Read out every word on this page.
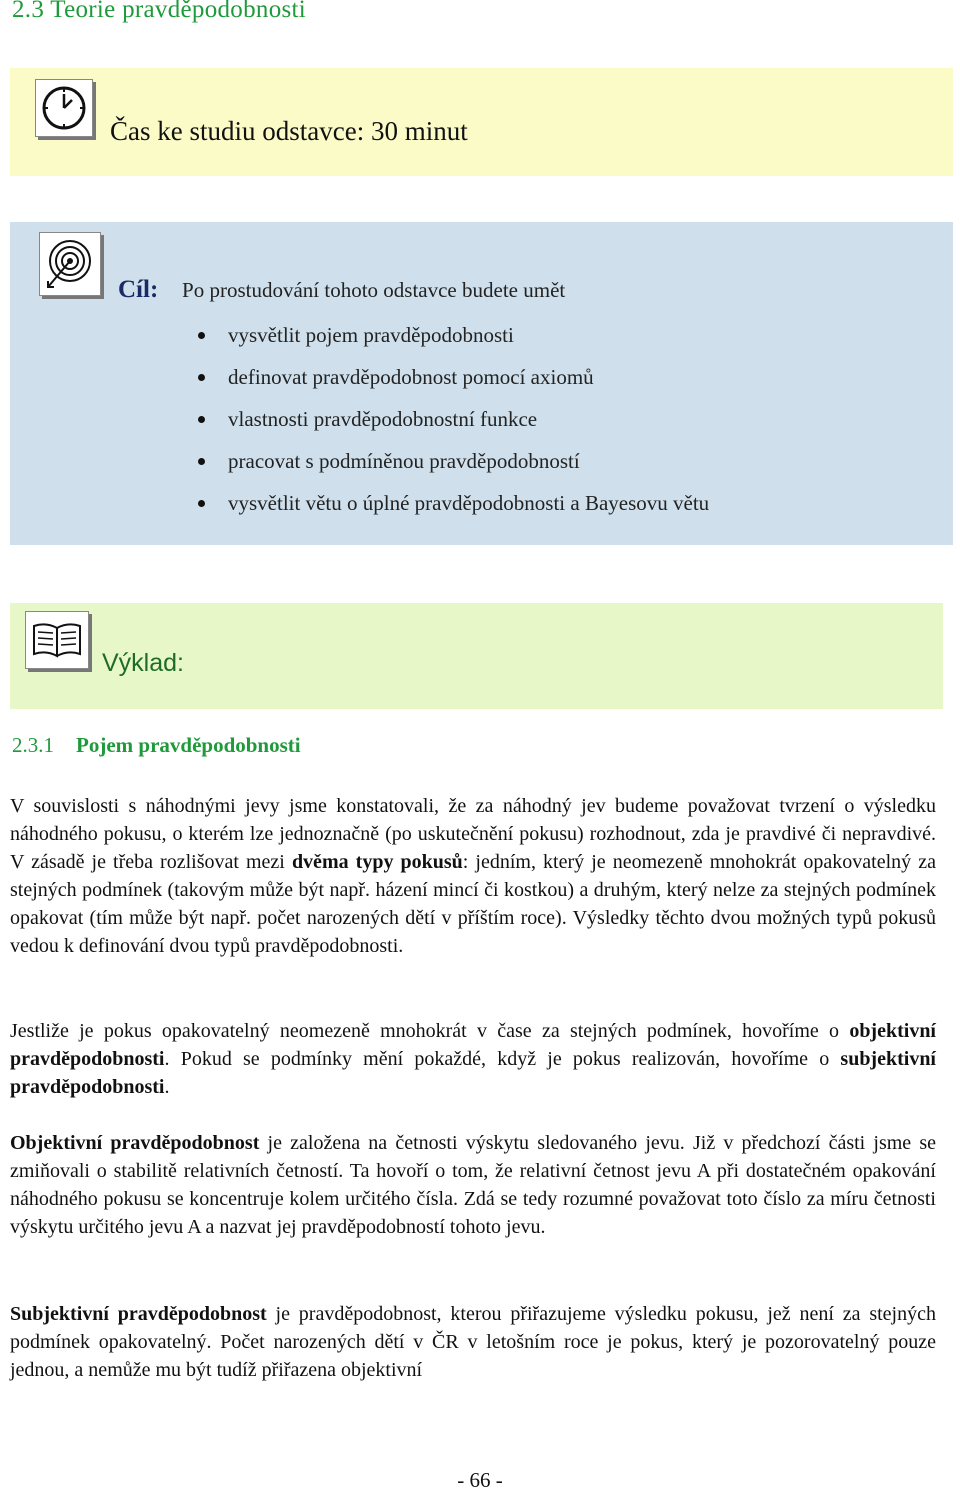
2.3 Teorie pravděpodobnosti
Čas ke studiu odstavce: 30 minut
Cíl: Po prostudování tohoto odstavce budete umět
vysvětlit pojem pravděpodobnosti
definovat pravděpodobnost pomocí axiomů
vlastnosti pravděpodobnostní funkce
pracovat s podmíněnou pravděpodobností
vysvětlit větu o úplné pravděpodobnosti a Bayesovu větu
Výklad:
2.3.1 Pojem pravděpodobnosti

V souvislosti s náhodnými jevy jsme konstatovali, že za náhodný jev budeme považovat tvrzení o výsledku náhodného pokusu, o kterém lze jednoznačně (po uskutečnění pokusu) rozhodnout, zda je pravdivé či nepravdivé. V zásadě je třeba rozlišovat mezi dvěma typy pokusů: jedním, který je neomezeně mnohokrát opakovatelný za stejných podmínek (takovým může být např. házení mincí či kostkou) a druhým, který nelze za stejných podmínek opakovat (tím může být např. počet narozených dětí v příštím roce). Výsledky těchto dvou možných typů pokusů vedou k definování dvou typů pravděpodobnosti.

Jestliže je pokus opakovatelný neomezeně mnohokrát v čase za stejných podmínek, hovoříme o objektivní pravděpodobnosti. Pokud se podmínky mění pokaždé, když je pokus realizován, hovoříme o subjektivní pravděpodobnosti.

Objektivní pravděpodobnost je založena na četnosti výskytu sledovaného jevu. Již v předchozí části jsme se zmiňovali o stabilitě relativních četností. Ta hovoří o tom, že relativní četnost jevu A při dostatečném opakování náhodného pokusu se koncentruje kolem určitého čísla. Zdá se tedy rozumné považovat toto číslo za míru četnosti výskytu určitého jevu A a nazvat jej pravděpodobností tohoto jevu.

Subjektivní pravděpodobnost je pravděpodobnost, kterou přiřazujeme výsledku pokusu, jež není za stejných podmínek opakovatelný. Počet narozených dětí v ČR v letošním roce je pokus, který je pozorovatelný pouze jednou, a nemůže mu být tudíž přiřazena objektivní

- 66 -
